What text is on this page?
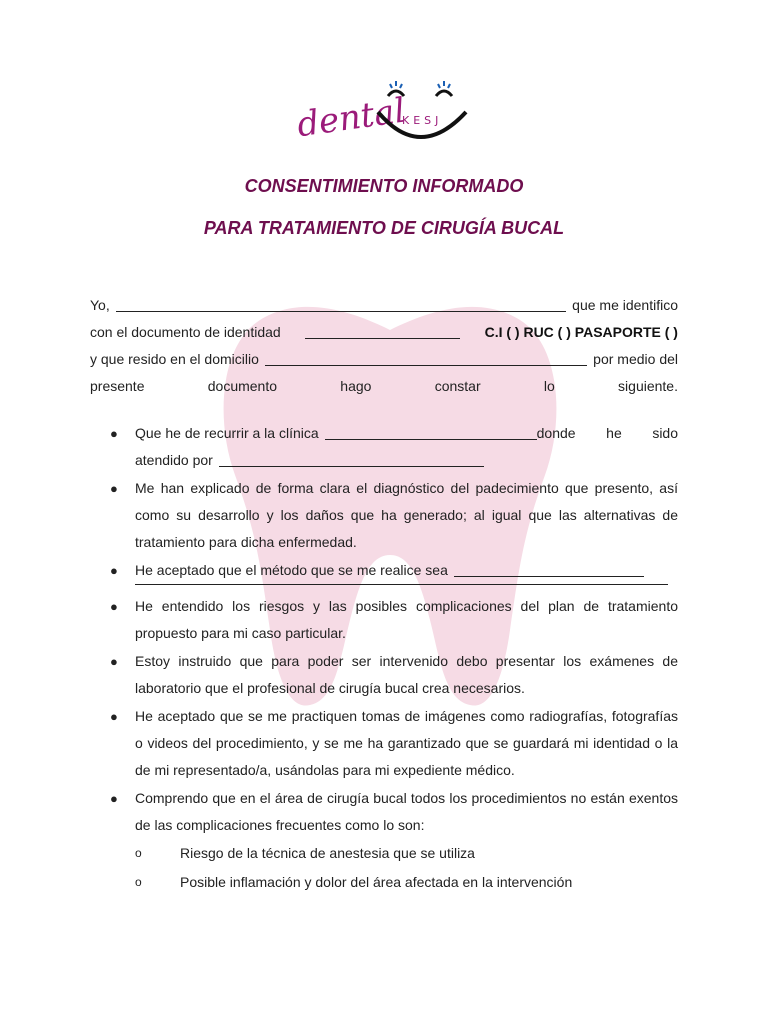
dental
KESJ
CONSENTIMIENTO INFORMADO
PARA TRATAMIENTO DE CIRUGÍA BUCAL
Yo,	que me identifico
con el documento de identidad	C.I ( ) RUC ( ) PASAPORTE ( )
y que resido en el domicilio	por medio del
presente documento hago constar lo siguiente.
● Que he de recurrir a la clínica	donde he sido
atendido por
● Me han explicado de forma clara el diagnóstico del padecimiento que presento, así como su desarrollo y los daños que ha generado; al igual que las alternativas de tratamiento para dicha enfermedad.
● He aceptado que el método que se me realice sea
● He entendido los riesgos y las posibles complicaciones del plan de tratamiento propuesto para mi caso particular.
● Estoy instruido que para poder ser intervenido debo presentar los exámenes de laboratorio que el profesional de cirugía bucal crea necesarios.
● He aceptado que se me practiquen tomas de imágenes como radiografías, fotografías o videos del procedimiento, y se me ha garantizado que se guardará mi identidad o la de mi representado/a, usándolas para mi expediente médico.
● Comprendo que en el área de cirugía bucal todos los procedimientos no están exentos de las complicaciones frecuentes como lo son:
o	Riesgo de la técnica de anestesia que se utiliza
o	Posible inflamación y dolor del área afectada en la intervención
